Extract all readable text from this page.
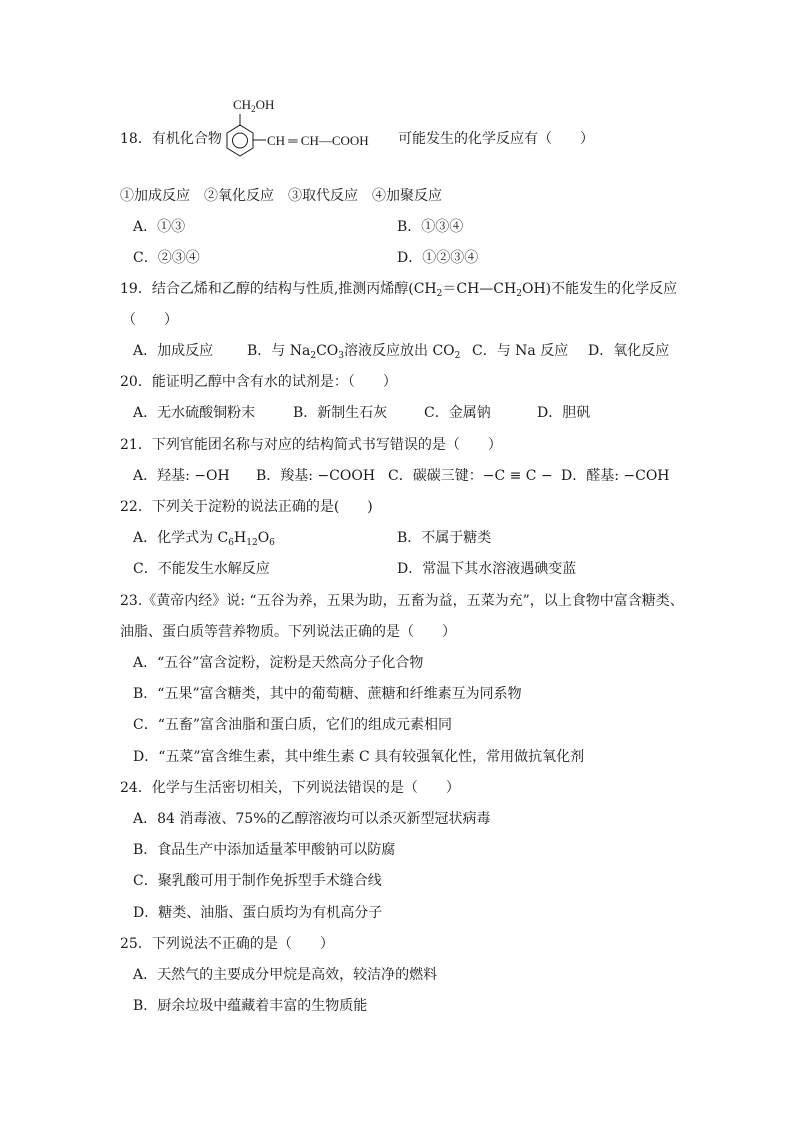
18．有机化合物
$CH_2OH$
CH ═ CH—COOH 可能发生的化学反应有（　　）
①加成反应　②氧化反应　③取代反应　④加聚反应
A．①③	B．①③④
C．②③④	D．①②③④
19．结合乙烯和乙醇的结构与性质,推测丙烯醇$(CH_2=CH—CH_2OH)$不能发生的化学反应
（　　）
A．加成反应 B．与 $Na_2CO_3$溶液反应放出 $CO_2$ C．与 Na 反应 D．氧化反应
20．能证明乙醇中含有水的试剂是：（　　）
A．无水硫酸铜粉末	B．新制生石灰	C．金属钠	D．胆矾
21．下列官能团名称与对应的结构简式书写错误的是（　　）
A．羟基: −OH B．羧基: −COOH C．碳碳三键：−C ≡ C − D．醛基: −COH
22．下列关于淀粉的说法正确的是(　　)
A．化学式为 $C_6H_{12}O_6$	B．不属于糖类
C．不能发生水解反应	D．常温下其水溶液遇碘变蓝
23.《黄帝内经》说: “五谷为养，五果为助，五畜为益，五菜为充”，以上食物中富含糖类、
油脂、蛋白质等营养物质。下列说法正确的是（　　）
A．“五谷”富含淀粉，淀粉是天然高分子化合物
B．“五果”富含糖类，其中的葡萄糖、蔗糖和纤维素互为同系物
C．“五畜”富含油脂和蛋白质，它们的组成元素相同
D．“五菜”富含维生素，其中维生素 C 具有较强氧化性，常用做抗氧化剂
24．化学与生活密切相关，下列说法错误的是（　　）
A．84 消毒液、75%的乙醇溶液均可以杀灭新型冠状病毒
B．食品生产中添加适量苯甲酸钠可以防腐
C．聚乳酸可用于制作免拆型手术缝合线
D．糖类、油脂、蛋白质均为有机高分子
25．下列说法不正确的是（　　）
A．天然气的主要成分甲烷是高效，较洁净的燃料
B．厨余垃圾中蕴藏着丰富的生物质能
